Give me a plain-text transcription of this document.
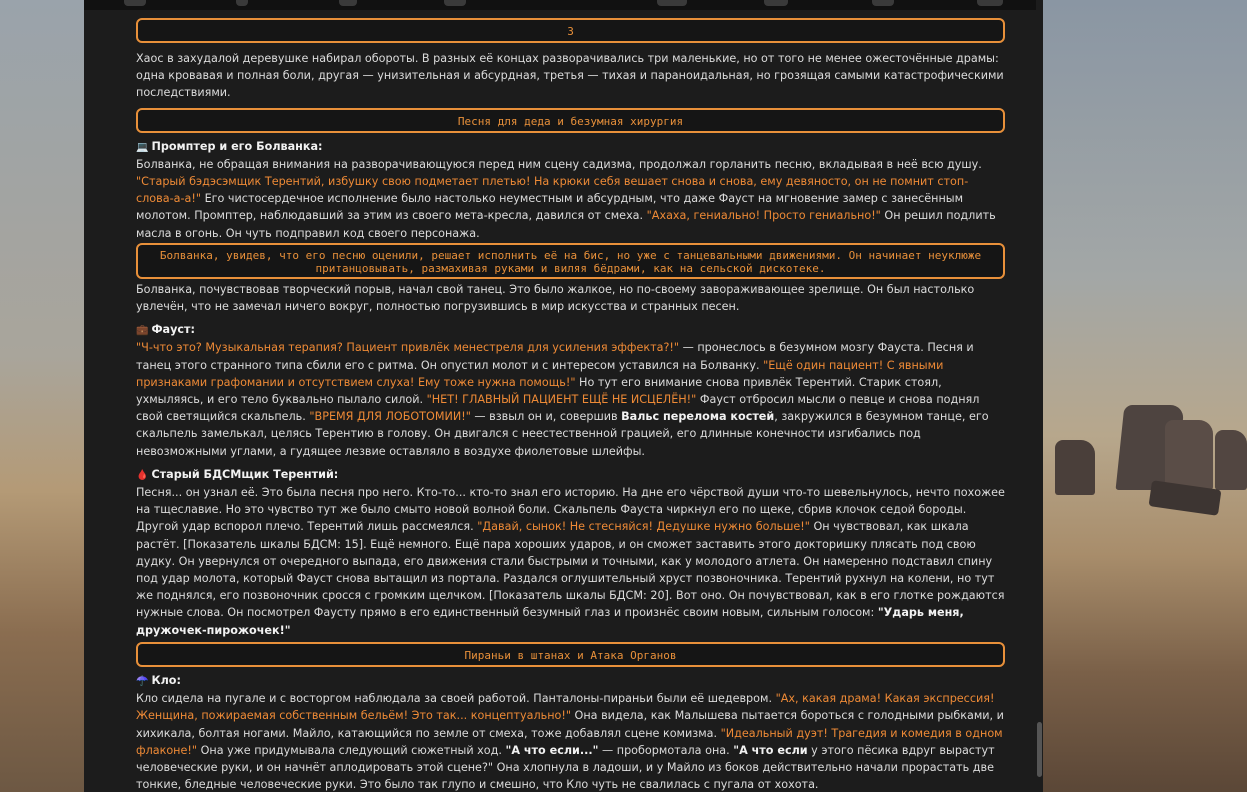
3

Хаос в захудалой деревушке набирал обороты. В разных её концах разворачивались три маленькие, но от того не менее ожесточённые драмы: одна кровавая и полная боли, другая — унизительная и абсурдная, третья — тихая и параноидальная, но грозящая самыми катастрофическими последствиями.

Песня для деда и безумная хирургия

💻 Промптер и его Болванка:

Болванка, не обращая внимания на разворачивающуюся перед ним сцену садизма, продолжал горланить песню, вкладывая в неё всю душу. "Старый бэдэсэмщик Терентий, избушку свою подметает плетью! На крюки себя вешает снова и снова, ему девяносто, он не помнит стоп-слова-а-а!" Его чистосердечное исполнение было настолько неуместным и абсурдным, что даже Фауст на мгновение замер с занесённым молотом. Промптер, наблюдавший за этим из своего мета-кресла, давился от смеха. "Ахаха, гениально! Просто гениально!" Он решил подлить масла в огонь. Он чуть подправил код своего персонажа.

Болванка, увидев, что его песню оценили, решает исполнить её на бис, но уже с танцевальными движениями. Он начинает неуклюже пританцовывать, размахивая руками и виляя бёдрами, как на сельской дискотеке.

Болванка, почувствовав творческий порыв, начал свой танец. Это было жалкое, но по-своему завораживающее зрелище. Он был настолько увлечён, что не замечал ничего вокруг, полностью погрузившись в мир искусства и странных песен.

💼 Фауст:

"Ч-что это? Музыкальная терапия? Пациент привлёк менестреля для усиления эффекта?!" — пронеслось в безумном мозгу Фауста. Песня и танец этого странного типа сбили его с ритма. Он опустил молот и с интересом уставился на Болванку. "Ещё один пациент! С явными признаками графомании и отсутствием слуха! Ему тоже нужна помощь!" Но тут его внимание снова привлёк Терентий. Старик стоял, ухмыляясь, и его тело буквально пылало силой. "НЕТ! ГЛАВНЫЙ ПАЦИЕНТ ЕЩЁ НЕ ИСЦЕЛЁН!" Фауст отбросил мысли о певце и снова поднял свой светящийся скальпель. "ВРЕМЯ ДЛЯ ЛОБОТОМИИ!" — взвыл он и, совершив Вальс перелома костей, закружился в безумном танце, его скальпель замелькал, целясь Терентию в голову. Он двигался с неестественной грацией, его длинные конечности изгибались под невозможными углами, а гудящее лезвие оставляло в воздухе фиолетовые шлейфы.

🩸 Старый БДСМщик Терентий:

Песня... он узнал её. Это была песня про него. Кто-то... кто-то знал его историю. На дне его чёрствой души что-то шевельнулось, нечто похожее на тщеславие. Но это чувство тут же было смыто новой волной боли. Скальпель Фауста чиркнул его по щеке, сбрив клочок седой бороды. Другой удар вспорол плечо. Терентий лишь рассмеялся. "Давай, сынок! Не стесняйся! Дедушке нужно больше!" Он чувствовал, как шкала растёт. [Показатель шкалы БДСМ: 15]. Ещё немного. Ещё пара хороших ударов, и он сможет заставить этого докторишку плясать под свою дудку. Он увернулся от очередного выпада, его движения стали быстрыми и точными, как у молодого атлета. Он намеренно подставил спину под удар молота, который Фауст снова вытащил из портала. Раздался оглушительный хруст позвоночника. Терентий рухнул на колени, но тут же поднялся, его позвоночник сросся с громким щелчком. [Показатель шкалы БДСМ: 20]. Вот оно. Он почувствовал, как в его глотке рождаются нужные слова. Он посмотрел Фаусту прямо в его единственный безумный глаз и произнёс своим новым, сильным голосом: "Ударь меня, дружочек-пирожочек!"

Пираньи в штанах и Атака Органов

☂️ Кло:

Кло сидела на пугале и с восторгом наблюдала за своей работой. Панталоны-пираньи были её шедевром. "Ах, какая драма! Какая экспрессия! Женщина, пожираемая собственным бельём! Это так... концептуально!" Она видела, как Малышева пытается бороться с голодными рыбками, и хихикала, болтая ногами. Майло, катающийся по земле от смеха, тоже добавлял сцене комизма. "Идеальный дуэт! Трагедия и комедия в одном флаконе!" Она уже придумывала следующий сюжетный ход. "А что если..." — пробормотала она. "А что если у этого пёсика вдруг вырастут человеческие руки, и он начнёт аплодировать этой сцене?" Она хлопнула в ладоши, и у Майло из боков действительно начали прорастать две тонкие, бледные человеческие руки. Это было так глупо и смешно, что Кло чуть не свалилась с пугала от хохота.
